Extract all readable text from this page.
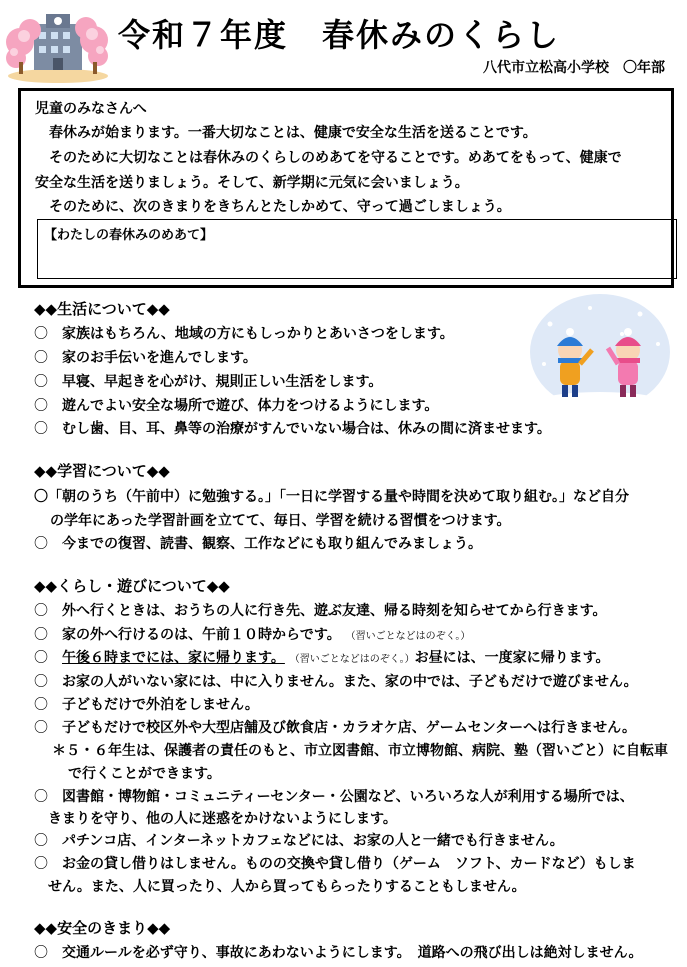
令和７年度　春休みのくらし
八代市立松高小学校　〇年部
児童のみなさんへ
　春休みが始まります。一番大切なことは、健康で安全な生活を送ることです。
　そのために大切なことは春休みのくらしのめあてを守ることです。めあてをもって、健康で
安全な生活を送りましょう。そして、新学期に元気に会いましょう。
　そのために、次のきまりをきちんとたしかめて、守って過ごしましょう。
【わたしの春休みのめあて】
◆◆生活について◆◆
〇 家族はもちろん、地域の方にもしっかりとあいさつをします。
〇 家のお手伝いを進んでします。
〇 早寝、早起きを心がけ、規則正しい生活をします。
〇 遊んでよい安全な場所で遊び、体力をつけるようにします。
〇 むし歯、目、耳、鼻等の治療がすんでいない場合は、休みの間に済ませます。
◆◆学習について◆◆
〇「朝のうち（午前中）に勉強する。」「一日に学習する量や時間を決めて取り組む。」など自分
の学年にあった学習計画を立てて、毎日、学習を続ける習慣をつけます。
〇 今までの復習、読書、観察、工作などにも取り組んでみましょう。
◆◆くらし・遊びについて◆◆
〇 外へ行くときは、おうちの人に行き先、遊ぶ友達、帰る時刻を知らせてから行きます。
〇 家の外へ行けるのは、午前１０時からです。 （習いごとなどはのぞく。）
〇 午後６時までには、家に帰ります。 （習いごとなどはのぞく。）お昼には、一度家に帰ります。
〇 お家の人がいない家には、中に入りません。また、家の中では、子どもだけで遊びません。
〇 子どもだけで外泊をしません。
〇 子どもだけで校区外や大型店舗及び飲食店・カラオケ店、ゲームセンターへは行きません。
＊５・６年生は、保護者の責任のもと、市立図書館、市立博物館、病院、塾（習いごと）に自転車
で行くことができます。
〇 図書館・博物館・コミュニティーセンター・公園など、いろいろな人が利用する場所では、
きまりを守り、他の人に迷惑をかけないようにします。
〇 パチンコ店、インターネットカフェなどには、お家の人と一緒でも行きません。
〇 お金の貸し借りはしません。ものの交換や貸し借り（ゲーム　ソフト、カードなど）もしま
せん。また、人に買ったり、人から買ってもらったりすることもしません。
◆◆安全のきまり◆◆
〇 交通ルールを必ず守り、事故にあわないようにします。　道路への飛び出しは絶対しません。
